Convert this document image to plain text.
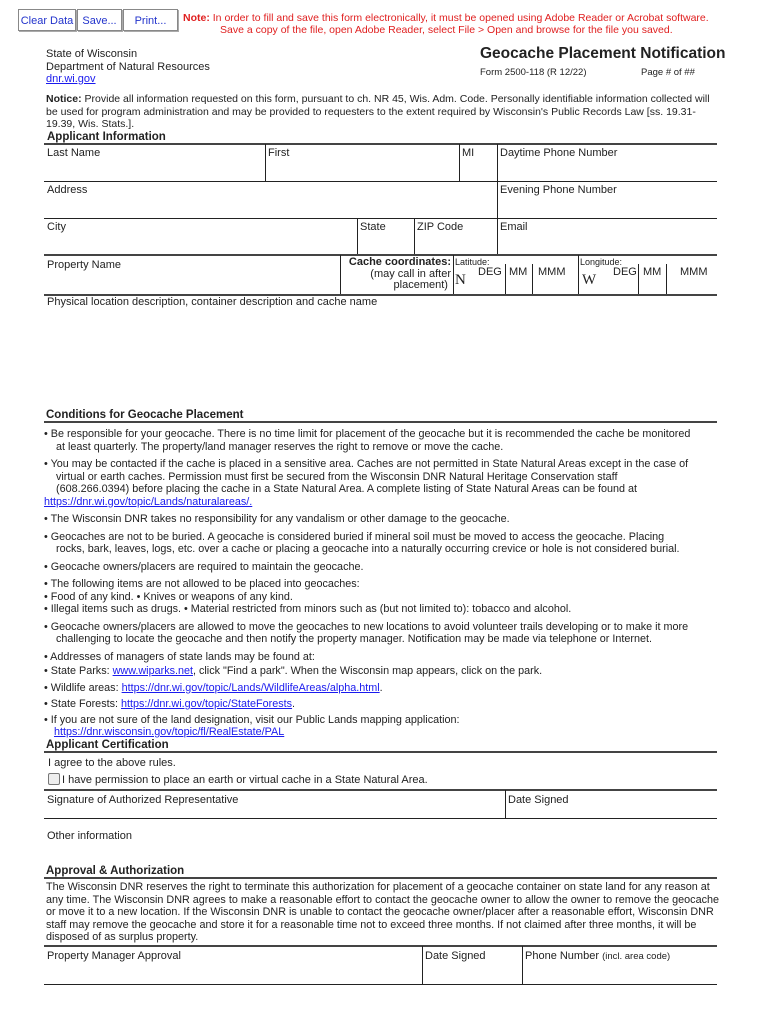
Clear Data Save...	Print...	Note: In order to fill and save this form electronically, it must be opened using Adobe Reader or Acrobat software.
Save a copy of the file, open Adobe Reader, select File > Open and browse for the file you saved.
State of Wisconsin
Department of Natural Resources
dnr.wi.gov
Geocache Placement Notification
Form 2500-118 (R 12/22)	Page # of ##
Notice: Provide all information requested on this form, pursuant to ch. NR 45, Wis. Adm. Code. Personally identifiable information collected will be used for program administration and may be provided to requesters to the extent required by Wisconsin's Public Records Law [ss. 19.31-19.39, Wis. Stats.].
Applicant Information
Last Name	First	MI Daytime Phone Number
Address	Evening Phone Number
City	State	ZIP Code	Email
Property Name	Cache coordinates:
(may call in after
placement)
Latitude:
N DEG MM MMM
Longitude:
W DEG MM MMM
Physical location description, container description and cache name
Conditions for Geocache Placement
• Be responsible for your geocache. There is no time limit for placement of the geocache but it is recommended the cache be monitored
at least quarterly. The property/land manager reserves the right to remove or move the cache.
• You may be contacted if the cache is placed in a sensitive area. Caches are not permitted in State Natural Areas except in the case of
virtual or earth caches. Permission must first be secured from the Wisconsin DNR Natural Heritage Conservation staff
(608.266.0394) before placing the cache in a State Natural Area. A complete listing of State Natural Areas can be found at
https://dnr.wi.gov/topic/Lands/naturalareas/.
• The Wisconsin DNR takes no responsibility for any vandalism or other damage to the geocache.
• Geocaches are not to be buried. A geocache is considered buried if mineral soil must be moved to access the geocache. Placing
rocks, bark, leaves, logs, etc. over a cache or placing a geocache into a naturally occurring crevice or hole is not considered burial.
• Geocache owners/placers are required to maintain the geocache.
• The following items are not allowed to be placed into geocaches:
• Food of any kind. • Knives or weapons of any kind.
• Illegal items such as drugs. • Material restricted from minors such as (but not limited to): tobacco and alcohol.
• Geocache owners/placers are allowed to move the geocaches to new locations to avoid volunteer trails developing or to make it more
challenging to locate the geocache and then notify the property manager. Notification may be made via telephone or Internet.
• Addresses of managers of state lands may be found at:
• State Parks: www.wiparks.net, click "Find a park". When the Wisconsin map appears, click on the park.
• Wildlife areas: https://dnr.wi.gov/topic/Lands/WildlifeAreas/alpha.html.
• State Forests: https://dnr.wi.gov/topic/StateForests.
• If you are not sure of the land designation, visit our Public Lands mapping application:
https://dnr.wisconsin.gov/topic/fl/RealEstate/PAL
Applicant Certification
I agree to the above rules.
I have permission to place an earth or virtual cache in a State Natural Area.
Signature of Authorized Representative	Date Signed
Other information
Approval & Authorization
The Wisconsin DNR reserves the right to terminate this authorization for placement of a geocache container on state land for any reason at any time. The Wisconsin DNR agrees to make a reasonable effort to contact the geocache owner to allow the owner to remove the geocache or move it to a new location. If the Wisconsin DNR is unable to contact the geocache owner/placer after a reasonable effort, Wisconsin DNR staff may remove the geocache and store it for a reasonable time not to exceed three months. If not claimed after three months, it will be disposed of as surplus property.
Property Manager Approval	Date Signed	Phone Number (incl. area code)
